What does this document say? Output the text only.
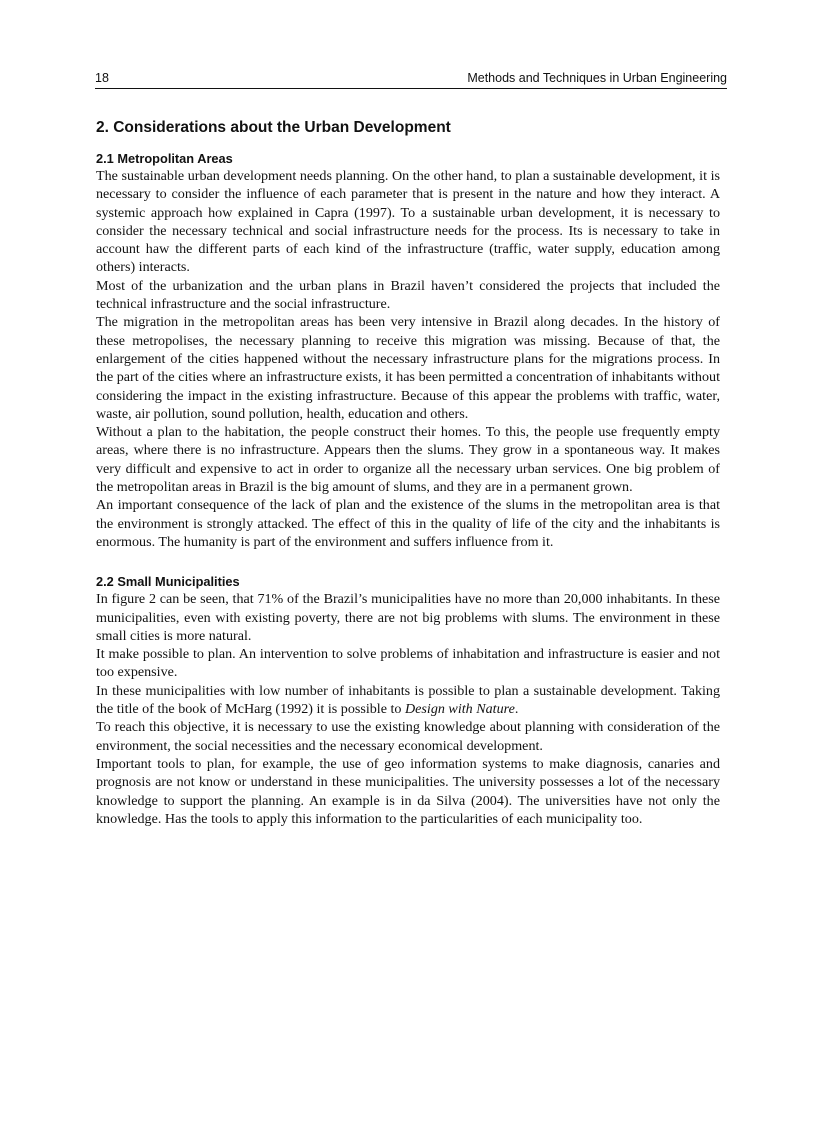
18	Methods and Techniques in Urban Engineering
2. Considerations about the Urban Development
2.1 Metropolitan Areas

The sustainable urban development needs planning. On the other hand, to plan a sustainable development, it is necessary to consider the influence of each parameter that is present in the nature and how they interact. A systemic approach how explained in Capra (1997). To a sustainable urban development, it is necessary to consider the necessary technical and social infrastructure needs for the process. Its is necessary to take in account haw the different parts of each kind of the infrastructure (traffic, water supply, education among others) interacts.

Most of the urbanization and the urban plans in Brazil haven’t considered the projects that included the technical infrastructure and the social infrastructure.

The migration in the metropolitan areas has been very intensive in Brazil along decades. In the history of these metropolises, the necessary planning to receive this migration was missing. Because of that, the enlargement of the cities happened without the necessary infrastructure plans for the migrations process. In the part of the cities where an infrastructure exists, it has been permitted a concentration of inhabitants without considering the impact in the existing infrastructure. Because of this appear the problems with traffic, water, waste, air pollution, sound pollution, health, education and others.

Without a plan to the habitation, the people construct their homes. To this, the people use frequently empty areas, where there is no infrastructure. Appears then the slums. They grow in a spontaneous way. It makes very difficult and expensive to act in order to organize all the necessary urban services. One big problem of the metropolitan areas in Brazil is the big amount of slums, and they are in a permanent grown.

An important consequence of the lack of plan and the existence of the slums in the metropolitan area is that the environment is strongly attacked. The effect of this in the quality of life of the city and the inhabitants is enormous. The humanity is part of the environment and suffers influence from it.

2.2 Small Municipalities

In figure 2 can be seen, that 71% of the Brazil’s municipalities have no more than 20,000 inhabitants. In these municipalities, even with existing poverty, there are not big problems with slums. The environment in these small cities is more natural.

It make possible to plan. An intervention to solve problems of inhabitation and infrastructure is easier and not too expensive.

In these municipalities with low number of inhabitants is possible to plan a sustainable development. Taking the title of the book of McHarg (1992) it is possible to Design with Nature.

To reach this objective, it is necessary to use the existing knowledge about planning with consideration of the environment, the social necessities and the necessary economical development.

Important tools to plan, for example, the use of geo information systems to make diagnosis, canaries and prognosis are not know or understand in these municipalities. The university possesses a lot of the necessary knowledge to support the planning. An example is in da Silva (2004). The universities have not only the knowledge. Has the tools to apply this information to the particularities of each municipality too.
